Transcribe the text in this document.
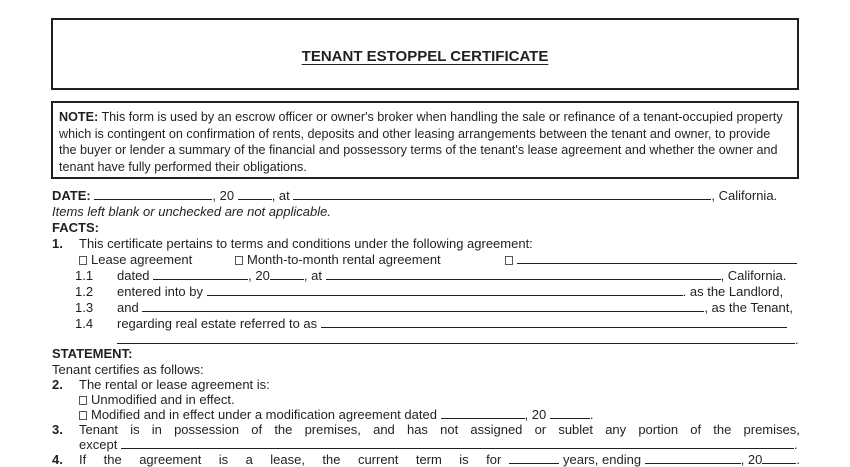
TENANT ESTOPPEL CERTIFICATE
NOTE: This form is used by an escrow officer or owner's broker when handling the sale or refinance of a tenant-occupied property which is contingent on confirmation of rents, deposits and other leasing arrangements between the tenant and owner, to provide the buyer or lender a summary of the financial and possessory terms of the tenant's lease agreement and whether the owner and tenant have fully performed their obligations.
DATE:	, 20	, at	, California.
Items left blank or unchecked are not applicable.
FACTS:
1. This certificate pertains to terms and conditions under the following agreement:
Lease agreement	Month-to-month rental agreement
1.1 dated	, 20	, at	, California.
1.2 entered into by	. as the Landlord,
1.3 and	, as the Tenant,
1.4 regarding real estate referred to as
.
STATEMENT:
Tenant certifies as follows:
2. The rental or lease agreement is:
Unmodified and in effect.
Modified and in effect under a modification agreement dated	, 20	.
3.	Tenant is in possession of the premises, and has not assigned or sublet any portion of the premises,
except	.
4.	If the agreement is a lease, the current term is for	years, ending	, 20	.
